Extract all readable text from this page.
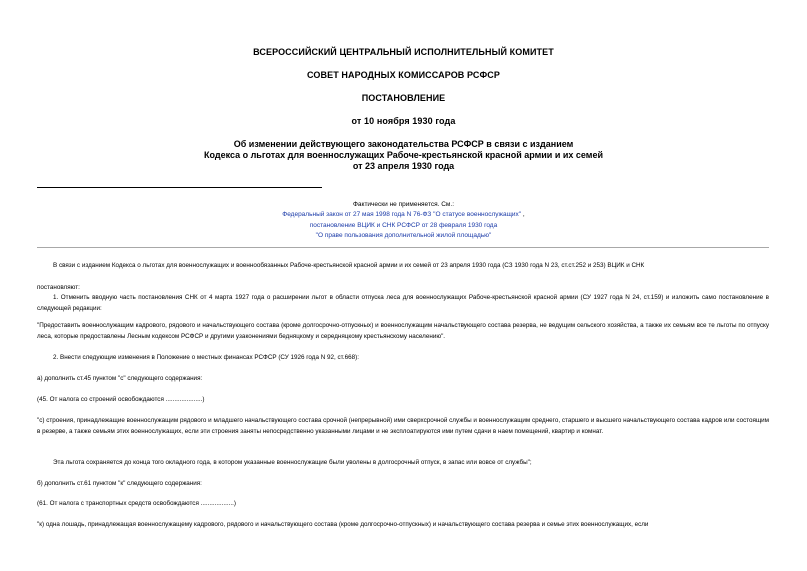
ВСЕРОССИЙСКИЙ ЦЕНТРАЛЬНЫЙ ИСПОЛНИТЕЛЬНЫЙ КОМИТЕТ
СОВЕТ НАРОДНЫХ КОМИССАРОВ РСФСР
ПОСТАНОВЛЕНИЕ
от 10 ноября 1930 года
Об изменении действующего законодательства РСФСР в связи с изданием
Кодекса о льготах для военнослужащих Рабоче-крестьянской красной армии и их семей
от 23 апреля 1930 года
Фактически не применяется. См.:
Федеральный закон от 27 мая 1998 года N 76-ФЗ "О статусе военнослужащих" ,
постановление ВЦИК и СНК РСФСР от 28 февраля 1930 года
"О праве пользования дополнительной жилой площадью"
В связи с изданием Кодекса о льготах для военнослужащих и военнообязанных Рабоче-крестьянской красной армии и их семей от 23 апреля 1930 года (СЗ 1930 года N 23, ст.ст.252 и 253) ВЦИК и СНК
постановляют:
1. Отменить вводную часть постановления СНК от 4 марта 1927 года о расширении льгот в области отпуска леса для военнослужащих Рабоче-крестьянской красной армии (СУ 1927 года N 24, ст.159) и изложить само постановление в следующей редакции:
"Предоставить военнослужащим кадрового, рядового и начальствующего состава (кроме долгосрочно-отпускных) и военнослужащим начальствующего состава резерва, не ведущим сельского хозяйства, а также их семьям все те льготы по отпуску леса, которые предоставлены Лесным кодексом РСФСР и другими узаконениями бедняцкому и середняцкому крестьянскому населению".
2. Внести следующие изменения в Положение о местных финансах РСФСР (СУ 1926 года N 92, ст.668):
а) дополнить ст.45 пунктом "с" следующего содержания:
(45. От налога со строений освобождаются .....................)
"с) строения, принадлежащие военнослужащим рядового и младшего начальствующего состава срочной (непрерывной) ими сверхсрочной службы и военнослужащим среднего, старшего и высшего начальствующего состава кадров или состоящим в резерве, а также семьям этих военнослужащих, если эти строения заняты непосредственно указанными лицами и не эксплоатируются ими путем сдачи в наем помещений, квартир и комнат.
Эта льгота сохраняется до конца того окладного года, в котором указанные военнослужащие были уволены в долгосрочный отпуск, в запас или вовсе от службы";
б) дополнить ст.61 пунктом "к" следующего содержания:
(61. От налога с транспортных средств освобождаются ...................)
"к) одна лошадь, принадлежащая военнослужащему кадрового, рядового и начальствующего состава (кроме долгосрочно-отпускных) и начальствующего состава резерва и семье этих военнослужащих, если
